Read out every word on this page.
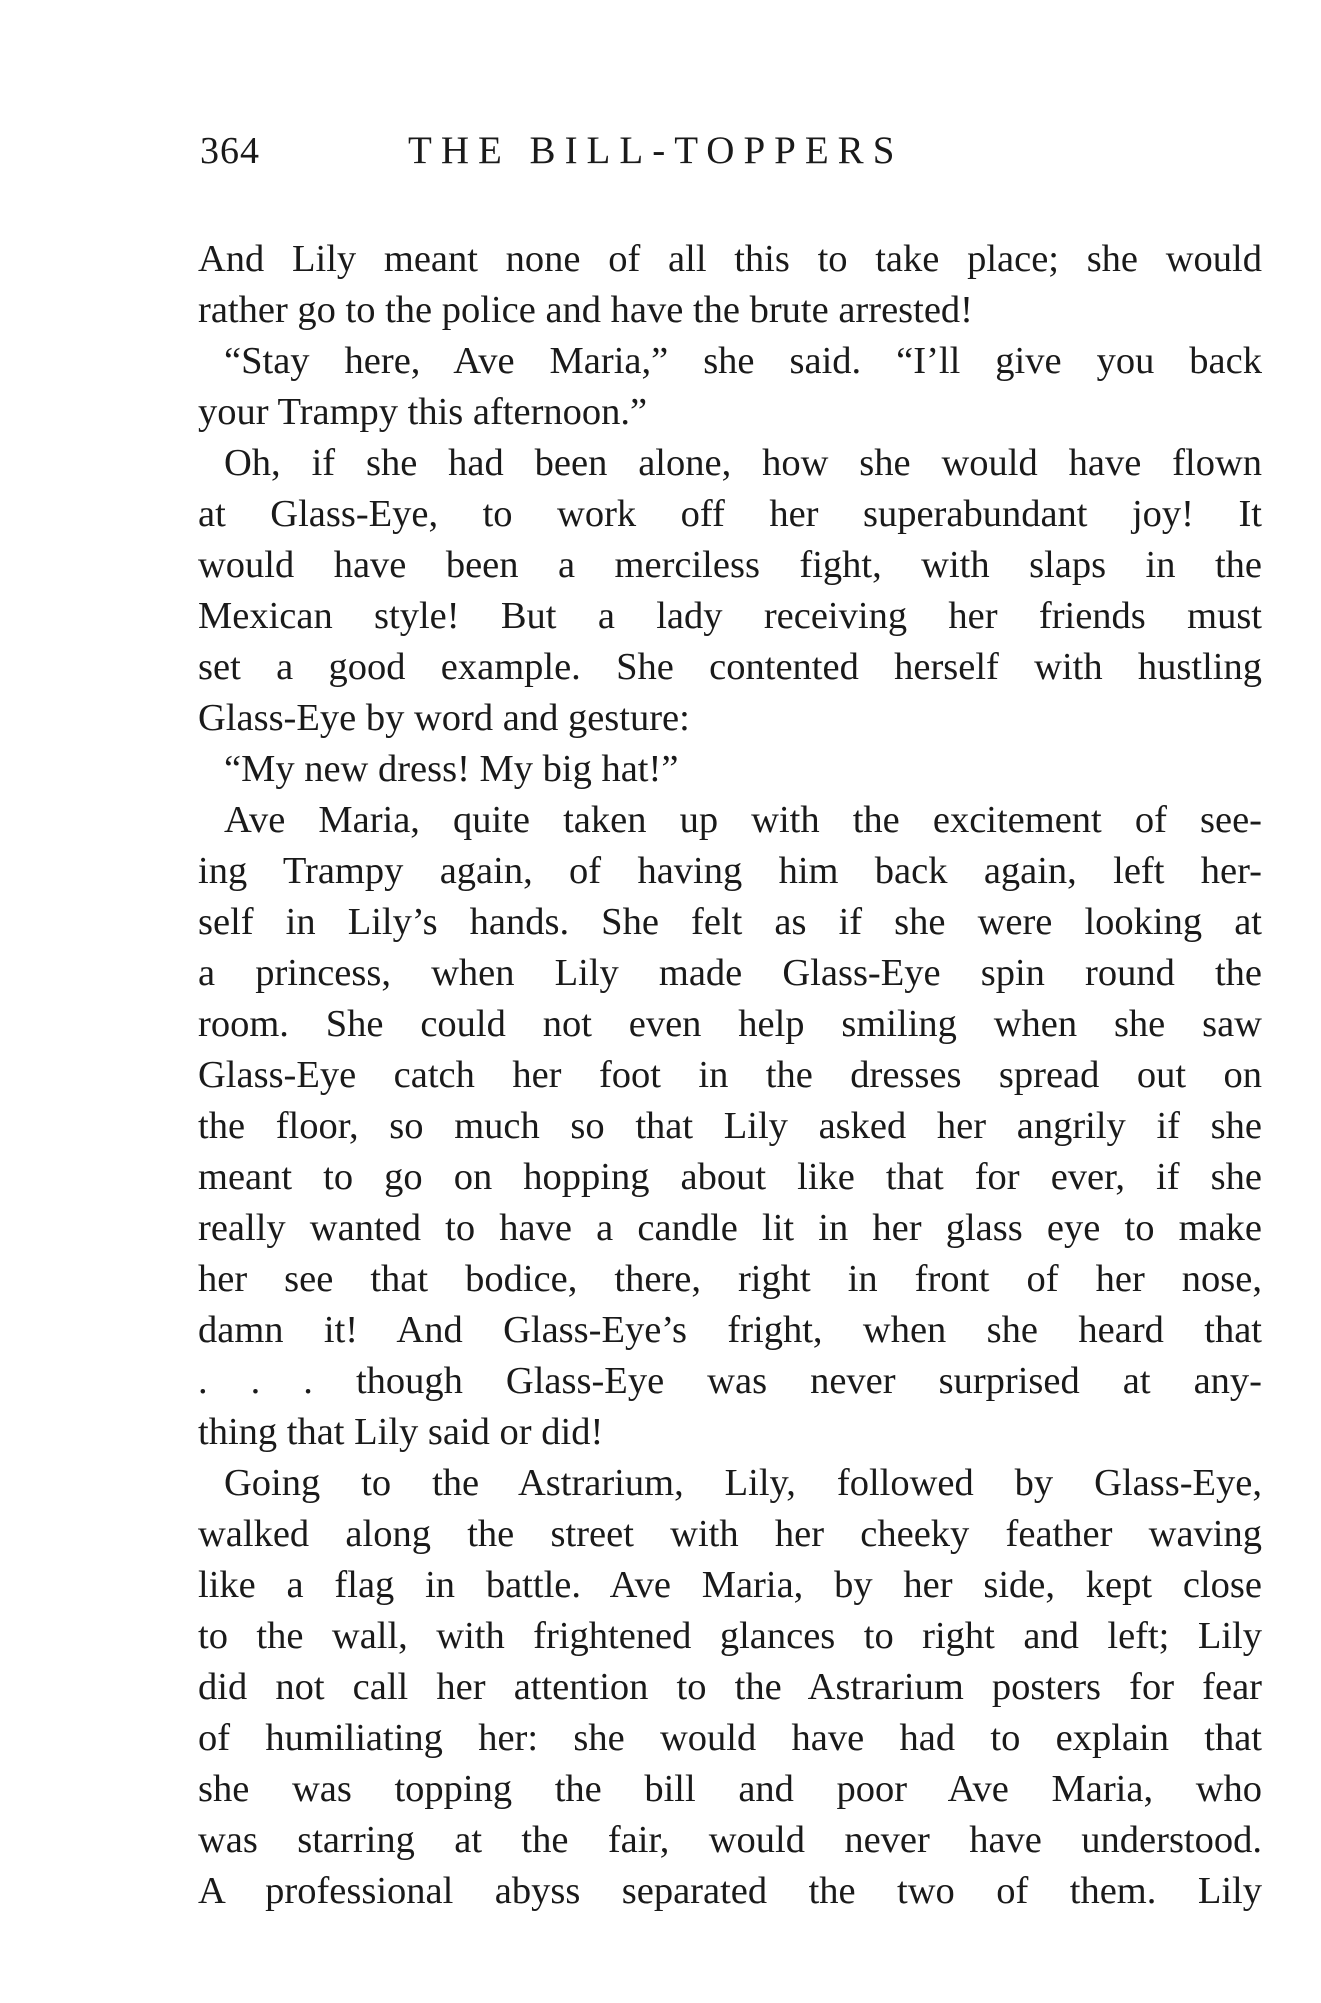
364	THE BILL-TOPPERS
And Lily meant none of all this to take place; she would
rather go to the police and have the brute arrested!
“Stay here, Ave Maria,” she said. “I’ll give you back
your Trampy this afternoon.”
Oh, if she had been alone, how she would have flown
at Glass-Eye, to work off her superabundant joy! It
would have been a merciless fight, with slaps in the
Mexican style! But a lady receiving her friends must
set a good example. She contented herself with hustling
Glass-Eye by word and gesture:
“My new dress! My big hat!”
Ave Maria, quite taken up with the excitement of see-
ing Trampy again, of having him back again, left her-
self in Lily’s hands. She felt as if she were looking at
a princess, when Lily made Glass-Eye spin round the
room. She could not even help smiling when she saw
Glass-Eye catch her foot in the dresses spread out on
the floor, so much so that Lily asked her angrily if she
meant to go on hopping about like that for ever, if she
really wanted to have a candle lit in her glass eye to make
her see that bodice, there, right in front of her nose,
damn it! And Glass-Eye’s fright, when she heard that
. . . though Glass-Eye was never surprised at any-
thing that Lily said or did!
Going to the Astrarium, Lily, followed by Glass-Eye,
walked along the street with her cheeky feather waving
like a flag in battle. Ave Maria, by her side, kept close
to the wall, with frightened glances to right and left; Lily
did not call her attention to the Astrarium posters for fear
of humiliating her: she would have had to explain that
she was topping the bill and poor Ave Maria, who
was starring at the fair, would never have understood.
A professional abyss separated the two of them. Lily
